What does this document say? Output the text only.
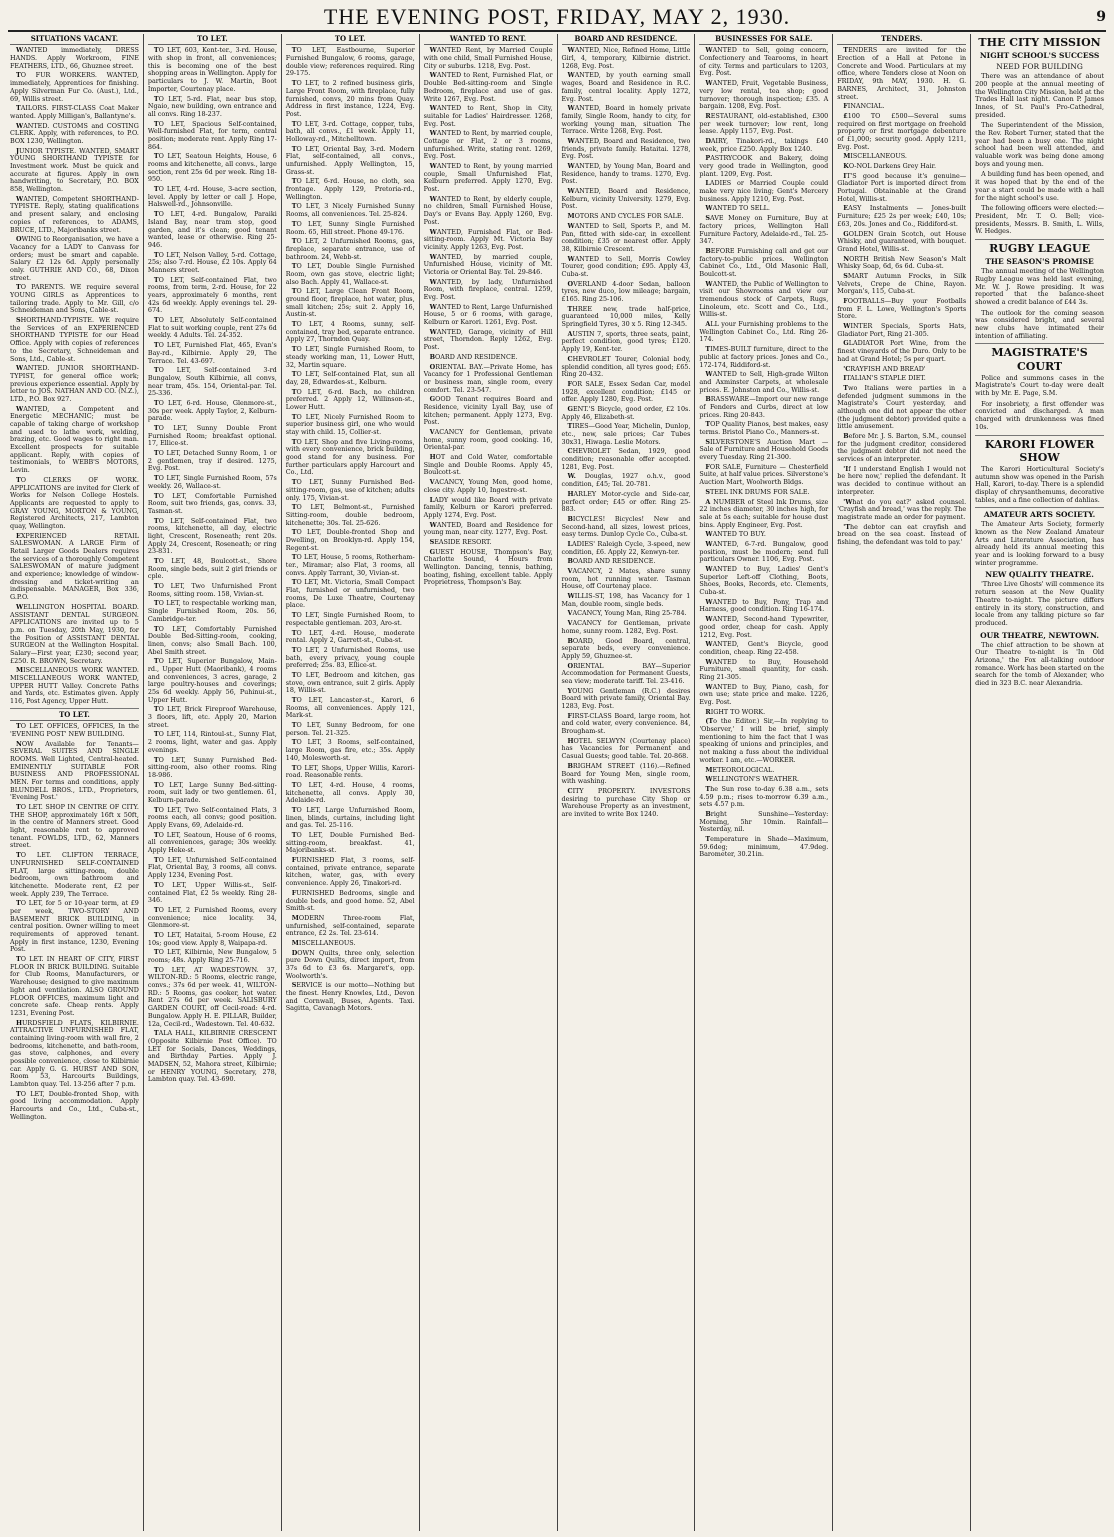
THE EVENING POST, FRIDAY, MAY 2, 1930.	9
SITUATIONS VACANT.

WANTED immediately, DRESS HANDS. Apply Workroom, FINE FEATHERS, LTD., 66, Ghuznee street.

TO FUR WORKERS. WANTED, immediately, Apprentices for finishing. Apply Silverman Fur Co. (Aust.), Ltd., 69, Willis street.

TAILORS. FIRST-CLASS Coat Maker wanted. Apply Milligan's, Ballantyne's.

WANTED. CUSTOMS and COSTING CLERK. Apply, with references, to P.O. BOX 1230, Wellington.

JUNIOR TYPISTE. WANTED, SMART YOUNG SHORTHAND TYPISTE for Investment work. Must be quick and accurate at figures. Apply in own handwriting, to Secretary, P.O. BOX 858, Wellington.

WANTED, Competent SHORTHAND-TYPISTE. Reply, stating qualifications and present salary, and enclosing copies of references, to ADAMS, BRUCE, LTD., Majoribanks street.

OWING to Reorganisation, we have a Vacancy for a LADY to Canvass for orders; must be smart and capable. Salary £2 12s 6d. Apply personally only. GUTHRIE AND CO., 68, Dixon street.

TO PARENTS. WE require several YOUNG GIRLS as Apprentices to tailoring trade. Apply to Mr. Gill, c/o Schneideman and Sons, Cable-st.

SHORTHAND-TYPISTE. WE require the Services of an EXPERIENCED SHORTHAND TYPISTE for our Head Office. Apply with copies of references to the Secretary, Schneideman and Sons, Ltd., Cable-st.

WANTED. JUNIOR SHORTHAND-TYPIST, for general office work; previous experience essential. Apply by letter to JOS. NATHAN AND CO. (N.Z.), LTD., P.O. Box 927.

WANTED, a Competent and Energetic MECHANIC; must be capable of taking charge of workshop and used to lathe work, welding, brazing, etc. Good wages to right man. Excellent prospects for suitable applicant. Reply, with copies of testimonials, to WEBB'S MOTORS, Levin.

TO CLERKS OF WORK. APPLICATIONS are invited for Clerk of Works for Nelson College Hostels. Applicants are requested to apply to GRAY YOUNG, MORTON & YOUNG, Registered Architects, 217, Lambton quay, Wellington.

EXPERIENCED RETAIL SALESWOMAN. A LARGE Firm of Retail Larger Goods Dealers requires the services of a thoroughly Competent SALESWOMAN of mature judgment and experience; knowledge of window-dressing and ticket-writing an indispensable. MANAGER, Box 336, G.P.O.

WELLINGTON HOSPITAL BOARD. ASSISTANT DENTAL SURGEON. APPLICATIONS are invited up to 5 p.m. on Tuesday, 20th May, 1930, for the Position of ASSISTANT DENTAL SURGEON at the Wellington Hospital. Salary—First year, £230; second year, £250. R. BROWN, Secretary.

MISCELLANEOUS WORK WANTED. MISCELLANEOUS WORK WANTED, UPPER HUTT Valley. Concrete Paths and Yards, etc. Estimates given. Apply 116, Post Agency, Upper Hutt.

TO LET.

TO LET. OFFICES, OFFICES, In the 'EVENING POST' NEW BUILDING.

NOW Available for Tenants— SEVERAL SUITES AND SINGLE ROOMS. Well Lighted, Central-heated. EMINENTLY SUITABLE FOR BUSINESS AND PROFESSIONAL MEN. For terms and conditions, apply BLUNDELL BROS., LTD., Proprietors, 'Evening Post.'

TO LET. SHOP IN CENTRE OF CITY. THE SHOP, approximately 16ft x 50ft, in the centre of Manners street. Good light, reasonable rent to approved tenant. FOWLDS, LTD., 62, Manners street.

TO LET. CLIFTON TERRACE, UNFURNISHED SELF-CONTAINED FLAT, large sitting-room, double bedroom, own bathroom and kitchenette. Moderate rent, £2 per week. Apply 239, The Terrace.

TO LET, for 5 or 10-year term, at £9 per week, TWO-STORY AND BASEMENT BRICK BUILDING, in central position. Owner willing to meet requirements of approved tenant. Apply in first instance, 1230, Evening Post.

TO LET. IN HEART OF CITY, FIRST FLOOR IN BRICK BUILDING. Suitable for Club Rooms, Manufacturers, or Warehouse; designed to give maximum light and ventilation. ALSO GROUND FLOOR OFFICES, maximum light and concrete safe. Cheap rents. Apply 1231, Evening Post.

HURDSFIELD FLATS, KILBIRNIE. ATTRACTIVE UNFURNISHED FLAT, containing living-room with wall fire, 2 bedrooms, kitchenette, and bath-room, gas stove, calphones, and every possible convenience, close to Kilbirnie car. Apply G. G. HURST AND SON, Room 53, Harcourts Buildings, Lambton quay. Tel. 13-256 after 7 p.m.

TO LET, Double-fronted Shop, with good living accommodation. Apply Harcourts and Co., Ltd., Cuba-st., Wellington.

TO LET.

TO LET, 603, Kent-ter., 3-rd. House, with shop in front, all conveniences; this is becoming one of the best shopping areas in Wellington. Apply for particulars to J. W. Martin, Boot Importer, Courtenay place.

TO LET, 5-rd. Flat, near bus stop, Ngaio, new building, own entrance and all convs. Ring 18-237.

TO LET, Spacious Self-contained, Well-furnished Flat, for term, central position; moderate rent. Apply Ring 17-864.

TO LET, Seatoun Heights, House, 6 rooms and kitchenette, all convs., large section, rent 25s 6d per week. Ring 18-950.

TO LET, 4-rd. House, 3-acre section, level. Apply by letter or call J. Hope, Halswell-rd., Johnsonville.

TO LET, 4-rd. Bungalow, Paraiki Island Bay, near tram stop, good garden, and it's clean; good tenant wanted, lease or otherwise. Ring 25-946.

TO LET, Nelson Valley, 5-rd. Cottage, 25s; also 7-rd. House, £2 10s. Apply 64 Manners street.

TO LET, Self-contained Flat, two rooms, from term, 2-rd. House, for 22 years, approximately 6 months, rent 42s 6d weekly. Apply evenings tel. 29-674.

TO LET, Absolutely Self-contained Flat to suit working couple, rent 27s 6d weekly. 4 Adults. Tel. 24-352.

TO LET, Furnished Flat, 465, Evan's Bay-rd., Kilbirnie. Apply 29, The Terrace. Tel. 43-697.

TO LET, Self-contained 3-rd Bungalow, South Kilbirnie, all convs, near tram, 45s. 154, Oriental-par. Tel. 25-336.

TO LET, 6-rd. House, Glenmore-st., 30s per week. Apply Taylor, 2, Kelburn-parade.

TO LET, Sunny Double Front Furnished Room; breakfast optional. 17, Ellice-st.

TO LET, Detached Sunny Room, 1 or 2 gentlemen, tray if desired. 1275, Evg. Post.

TO LET, Single Furnished Room, 57s weekly. 26, Wallace-st.

TO LET, Comfortable Furnished Room, suit two friends, gas, convs. 33, Tasman-st.

TO LET, Self-contained Flat, two rooms, kitchenette, all day, electric light, Crescent, Roseneath; rent 20s. Apply 24, Crescent, Roseneath; or ring 23-831.

TO LET, 48, Boulcott-st., Shore Room, single beds, suit 2 girl friends or cple.

TO LET, Two Unfurnished Front Rooms, sitting room. 158, Vivian-st.

TO LET, to respectable working man, Single Furnished Room, 20s. 56, Cambridge-ter.

TO LET, Comfortably Furnished Double Bed-Sitting-room, cooking, linen, convs; also Small Bach. 100, Abel Smith street.

TO LET, Superior Bungalow, Main-rd., Upper Hutt (Maoribank), 4 rooms and conveniences, 3 acres, garage, 2 large poultry-houses and coverings; 25s 6d weekly. Apply 56, Puhinui-st., Upper Hutt.

TO LET, Brick Fireproof Warehouse, 3 floors, lift, etc. Apply 20, Marion street.

TO LET, 114, Rintoul-st., Sunny Flat, 2 rooms, light, water and gas. Apply evenings.

TO LET, Sunny Furnished Bed-sitting-room, also other rooms. Ring 18-986.

TO LET, Large Sunny Bed-sitting-room, suit lady or two gentlemen. 61, Kelburn-parade.

TO LET, Two Self-contained Flats, 3 rooms each, all convs; good position. Apply Evans, 69, Adelaide-rd.

TO LET, Seatoun, House of 6 rooms, all conveniences, garage; 30s weekly. Apply Heke-st.

TO LET, Unfurnished Self-contained Flat, Oriental Bay, 3 rooms, all convs. Apply 1234, Evening Post.

TO LET, Upper Willis-st., Self-contained Flat, £2 5s weekly. Ring 28-346.

TO LET, 2 Furnished Rooms, every convenience; nice locality. 34, Glenmore-st.

TO LET, Hataitai, 5-room House, £2 10s; good view. Apply 8, Waipapa-rd.

TO LET, Kilbirnie, New Bungalow, 5 rooms; 48s. Apply Ring 25-716.

TO LET, AT WADESTOWN. 37, WILTON-RD.: 5 Rooms, electric range, convs.; 37s 6d per week. 41, WILTON-RD.: 5 Rooms, gas cooker, hot water. Rent 27s 6d per week. SALISBURY GARDEN COURT, off Cecil-road: 4-rd. Bungalow. Apply H. E. PILLAR, Builder, 12a, Cecil-rd., Wadestown. Tel. 40-632.

TALA HALL, KILBIRNIE CRESCENT (Opposite Kilbirnie Post Office). TO LET for Socials, Dances, Weddings, and Birthday Parties. Apply J. MADSEN, 52, Mahora street, Kilbirnie; or HENRY YOUNG, Secretary, 278, Lambton quay. Tel. 43-690.

TO LET.

TO LET, Eastbourne, Superior Furnished Bungalow, 6 rooms, garage, double view; references required. Ring 29-175.

TO LET, to 2 refined business girls, Large Front Room, with fireplace, fully furnished, convs, 20 mins from Quay. Address in first instance, 1224, Evg. Post.

TO LET, 3-rd. Cottage, copper, tubs, bath, all convs., £1 week. Apply 11, Holloway-rd., Mitchelltown.

TO LET, Oriental Bay, 3-rd. Modern Flat, self-contained, all convs., unfurnished. Apply Wellington, 15, Grass-st.

TO LET, 6-rd. House, no cloth, sea frontage. Apply 129, Pretoria-rd., Wellington.

TO LET, 3 Nicely Furnished Sunny Rooms, all conveniences. Tel. 25-824.

TO LET, Sunny Single Furnished Room. 65, Hill street. Phone 49-176.

TO LET, 2 Unfurnished Rooms, gas, fireplace, separate entrance, use of bathroom. 24, Webb-st.

TO LET, Double Single Furnished Room, own gas stove, electric light; also Bach. Apply 41, Wallace-st.

TO LET, Large Clean Front Room, ground floor, fireplace, hot water, plus, small kitchen; 25s; suit 2. Apply 16, Austin-st.

TO LET, 4 Rooms, sunny, self-contained, tray bed, separate entrance. Apply 27, Thorndon Quay.

TO LET, Single Furnished Room, to steady working man, 11, Lower Hutt, 32, Martin square.

TO LET, Self-contained Flat, sun all day, 28, Edwardes-st., Kelburn.

TO LET, 6-rd. Bach, no children preferred. 2 Apply 12, Willinson-st., Lower Hutt.

TO LET, Nicely Furnished Room to superior business girl, one who would stay with child. 15, Collier-st.

TO LET, Shop and five Living-rooms, with every convenience, brick building, good stand for any business. For further particulars apply Harcourt and Co., Ltd.

TO LET, Sunny Furnished Bed-sitting-room, gas, use of kitchen; adults only. 175, Vivian-st.

TO LET, Belmont-st., Furnished Sitting-room, double bedroom, kitchenette; 30s. Tel. 25-626.

TO LET, Double-fronted Shop and Dwelling, on Brooklyn-rd. Apply 154, Regent-st.

TO LET, House, 5 rooms, Rotherham-ter., Miramar; also Flat, 3 rooms, all convs. Apply Tarrant, 30, Vivian-st.

TO LET, Mt. Victoria, Small Compact Flat, furnished or unfurnished, two rooms, De Luxe Theatre, Courtenay place.

TO LET, Single Furnished Room, to respectable gentleman. 203, Aro-st.

TO LET, 4-rd. House, moderate rental. Apply 2, Garrett-st., Cuba-st.

TO LET, 2 Unfurnished Rooms, use bath, every privacy, young couple preferred; 25s. 83, Ellice-st.

TO LET, Bedroom and kitchen, gas stove, own entrance, suit 2 girls. Apply 18, Willis-st.

TO LET, Lancaster-st., Karori, 6 Rooms, all conveniences. Apply 121, Mark-st.

TO LET, Sunny Bedroom, for one person. Tel. 21-325.

TO LET, 3 Rooms, self-contained, large Room, gas fire, etc.; 35s. Apply 140, Molesworth-st.

TO LET, Shops, Upper Willis, Karori-road. Reasonable rents.

TO LET, 4-rd. House, 4 rooms, kitchenette, all convs. Apply 30, Adelaide-rd.

TO LET, Large Unfurnished Room, linen, blinds, curtains, including light and gas. Tel. 25-116.

TO LET, Double Furnished Bed-sitting-room, breakfast. 41, Majoribanks-st.

FURNISHED Flat, 3 rooms, self-contained, private entrance, separate kitchen, water, gas, with every convenience. Apply 26, Tinakori-rd.

FURNISHED Bedrooms, single and double beds, and good home. 52, Abel Smith-st.

MODERN Three-room Flat, unfurnished, self-contained, separate entrance, £2 2s. Tel. 23-614.

MISCELLANEOUS.

DOWN Quilts, three only, selection pure Down Quilts, direct import, from 37s 6d to £3 6s. Margaret's, opp. Woolworth's.

SERVICE is our motto—Nothing but the finest. Henry Knowles, Ltd., Devon and Cornwall, Buses, Agents. Taxi. Sagitta, Cavanagh Motors.

WANTED TO RENT.

WANTED Rent, by Married Couple with one child, Small Furnished House, City or suburbs. 1218, Evg. Post.

WANTED to Rent, Furnished Flat, or Double Bed-sitting-room and Single Bedroom, fireplace and use of gas. Write 1267, Evg. Post.

WANTED to Rent, Shop in City, suitable for Ladies' Hairdresser. 1268, Evg. Post.

WANTED to Rent, by married couple, Cottage or Flat, 2 or 3 rooms, unfurnished. Write, stating rent. 1269, Evg. Post.

WANTED to Rent, by young married couple, Small Unfurnished Flat, Kelburn preferred. Apply 1270, Evg. Post.

WANTED to Rent, by elderly couple, no children, Small Furnished House, Day's or Evans Bay. Apply 1260, Evg. Post.

WANTED, Furnished Flat, or Bed-sitting-room. Apply Mt. Victoria Bay vicinity. Apply 1263, Evg. Post.

WANTED, by married couple, Unfurnished House, vicinity of Mt. Victoria or Oriental Bay. Tel. 29-846.

WANTED, by lady, Unfurnished Room, with fireplace, central. 1259, Evg. Post.

WANTED to Rent, Large Unfurnished House, 5 or 6 rooms, with garage, Kelburn or Karori. 1261, Evg. Post.

WANTED, Garage, vicinity of Hill street, Thorndon. Reply 1262, Evg. Post.

BOARD AND RESIDENCE.

ORIENTAL BAY.—Private Home, has Vacancy for 1 Professional Gentleman or business man, single room, every comfort. Tel. 23-547.

GOOD Tenant requires Board and Residence, vicinity Lyall Bay, use of kitchen; permanent. Apply 1273, Evg. Post.

VACANCY for Gentleman, private home, sunny room, good cooking. 16, Oriental-par.

HOT and Cold Water, comfortable Single and Double Rooms. Apply 45, Boulcott-st.

VACANCY, Young Men, good home, close city. Apply 10, Ingestre-st.

LADY would like Board with private family, Kelburn or Karori preferred. Apply 1274, Evg. Post.

WANTED, Board and Residence for young man, near city. 1277, Evg. Post.

SEASIDE RESORT.

GUEST HOUSE, Thompson's Bay, Charlotte Sound, 4 Hours from Wellington. Dancing, tennis, bathing, boating, fishing, excellent table. Apply Proprietress, Thompson's Bay.

BOARD AND RESIDENCE.

WANTED, Nice, Refined Home, Little Girl, 4, temporary, Kilbirnie district. 1268, Evg. Post.

WANTED, by youth earning small wages, Board and Residence in R.C. family, central locality. Apply 1272, Evg. Post.

WANTED, Board in homely private family, Single Room, handy to city, for working young man, situation The Terrace. Write 1268, Evg. Post.

WANTED, Board and Residence, two friends, private family. Hataitai. 1278, Evg. Post.

WANTED, by Young Man, Board and Residence, handy to trams. 1270, Evg. Post.

WANTED, Board and Residence, Kelburn, vicinity University. 1279, Evg. Post.

MOTORS AND CYCLES FOR SALE.

WANTED to Sell, Sports P., and M. Pan, fitted with side-car, in excellent condition; £35 or nearest offer. Apply 38, Kilbirnie Crescent.

WANTED to Sell, Morris Cowley Tourer, good condition; £95. Apply 43, Cuba-st.

OVERLAND 4-door Sedan, balloon tyres, new duco, low mileage; bargain, £165. Ring 25-106.

THREE new, trade half-price, guaranteed 10,000 miles, Kelly Springfield Tyres, 30 x 5. Ring 12-345.

AUSTIN 7, sports, three seats, paint, perfect condition, good tyres; £120. Apply 19, Kent-ter.

CHEVROLET Tourer, Colonial body, splendid condition, all tyres good; £65. Ring 20-432.

FOR SALE, Essex Sedan Car, model 1928, excellent condition; £145 or offer. Apply 1280, Evg. Post.

GENT.'S Bicycle, good order, £2 10s. Apply 46, Elizabeth-st.

TIRES—Good Year, Michelin, Dunlop, etc., new, sale prices; Car Tubes 30x31, Hiwaga. Leslie Motors.

CHEVROLET Sedan, 1929, good condition; reasonable offer accepted. 1281, Evg. Post.

W. Douglas, 1927 o.h.v., good condition, £45; Tel. 20-781.

HARLEY Motor-cycle and Side-car, perfect order; £45 or offer. Ring 25-883.

BICYCLES! Bicycles! New and Second-hand, all sizes, lowest prices, easy terms. Dunlop Cycle Co., Cuba-st.

LADIES' Raleigh Cycle, 3-speed, new condition, £6. Apply 22, Kenwyn-ter.

BOARD AND RESIDENCE.

VACANCY, 2 Mates, share sunny room, hot running water. Tasman House, off Courtenay place.

WILLIS-ST, 198, has Vacancy for 1 Man, double room, single beds.

VACANCY, Young Man, Ring 25-784.

VACANCY for Gentleman, private home, sunny room. 1282, Evg. Post.

BOARD, Good Board, central, separate beds, every convenience. Apply 59, Ghuznee-st.

ORIENTAL BAY—Superior Accommodation for Permanent Guests, sea view; moderate tariff. Tel. 23-416.

YOUNG Gentleman (R.C.) desires Board with private family, Oriental Bay. 1283, Evg. Post.

FIRST-CLASS Board, large room, hot and cold water, every convenience. 84, Brougham-st.

HOTEL SELWYN (Courtenay place) has Vacancies for Permanent and Casual Guests; good table. Tel. 20-868.

BRIGHAM STREET (116).—Refined Board for Young Men, single room, with washing.

CITY PROPERTY. INVESTORS desiring to purchase City Shop or Warehouse Property as an investment, are invited to write Box 1240.

BUSINESSES FOR SALE.

WANTED to Sell, going concern, Confectionery and Tearooms, in heart of city. Terms and particulars to 1203, Evg. Post.

WANTED, Fruit, Vegetable Business, very low rental, tea shop; good turnover; thorough inspection; £35. A bargain. 1208, Evg. Post.

RESTAURANT, old-established, £300 per week turnover; low rent, long lease. Apply 1157, Evg. Post.

DAIRY, Tinakori-rd., takings £40 week, price £250. Apply Box 1240.

PASTRYCOOK and Bakery, doing very good trade in Wellington, good plant. 1209, Evg. Post.

LADIES or Married Couple could make very nice living; Gent's Mercery business. Apply 1210, Evg. Post.

WANTED TO SELL.

SAVE Money on Furniture, Buy at factory prices, Wellington Hall Furniture Factory, Adelaide-rd., Tel. 25-347.

BEFORE Furnishing call and get our factory-to-public prices. Wellington Cabinet Co., Ltd., Old Masonic Hall, Boulcott-st.

WANTED, the Public of Wellington to visit our Showrooms and view our tremendous stock of Carpets, Rugs, Linoleum, etc. Scott and Co., Ltd., Willis-st.

ALL your Furnishing problems to the Wellington Cabinet Co., Ltd. Ring 26-174.

TIMES-BUILT furniture, direct to the public at factory prices. Jones and Co., 172-174, Riddiford-st.

WANTED to Sell, High-grade Wilton and Axminster Carpets, at wholesale prices. E. Johnston and Co., Willis-st.

BRASSWARE—Import our new range of Fenders and Curbs, direct at low prices. Ring 20-843.

TOP Quality Pianos, best makes, easy terms. Bristol Piano Co., Manners-st.

SILVERSTONE'S Auction Mart — Sale of Furniture and Household Goods every Tuesday. Ring 21-300.

FOR SALE, Furniture — Chesterfield Suite, at half value prices. Silverstone's Auction Mart, Woolworth Bldgs.

STEEL INK DRUMS FOR SALE.

A NUMBER of Steel Ink Drums, size 22 inches diameter, 30 inches high, for sale at 5s each; suitable for house dust bins. Apply Engineer, Evg. Post.

WANTED TO BUY.

WANTED, 6-7-rd. Bungalow, good position, must be modern; send full particulars Owner. 1106, Evg. Post.

WANTED to Buy, Ladies' Gent's Superior Left-off Clothing, Boots, Shoes, Books, Records, etc. Clements, Cuba-st.

WANTED to Buy, Pony, Trap and Harness, good condition. Ring 16-174.

WANTED, Second-hand Typewriter, good order, cheap for cash. Apply 1212, Evg. Post.

WANTED, Gent's Bicycle, good condition, cheap. Ring 22-458.

WANTED to Buy, Household Furniture, small quantity, for cash. Ring 21-305.

WANTED to Buy, Piano, cash, for own use; state price and make. 1226, Evg. Post.

RIGHT TO WORK.

(To the Editor.) Sir,—In replying to 'Observer,' I will be brief, simply mentioning to him the fact that I was speaking of unions and principles, and not making a fuss about the individual worker. I am, etc.—WORKER.

METEOROLOGICAL.

WELLINGTON'S WEATHER.

The Sun rose to-day 6.38 a.m., sets 4.59 p.m.; rises to-morrow 6.39 a.m., sets 4.57 p.m.

Bright Sunshine—Yesterday: Morning, 5hr 10min. Rainfall—Yesterday, nil.

Temperature in Shade—Maximum, 59.6deg; minimum, 47.9deg. Barometer, 30.21in.

TENDERS.

TENDERS are invited for the Erection of a Hall at Petone in Concrete and Wood. Particulars at my office, where Tenders close at Noon on FRIDAY, 9th MAY, 1930. H. G. BARNES, Architect, 31, Johnston street.

FINANCIAL.

£100 TO £500—Several sums required on first mortgage on freehold property or first mortgage debenture of £1,000; security good. Apply 1211, Evg. Post.

MISCELLANEOUS.

KO-NOL Darkens Grey Hair.

IT'S good because it's genuine—Gladiator Port is imported direct from Portugal. Obtainable at the Grand Hotel, Willis-st.

EASY Instalments — Jones-built Furniture; £25 2s per week; £40, 10s; £63, 20s. Jones and Co., Riddiford-st.

GOLDEN Grain Scotch, out House Whisky, and guaranteed, with bouquet. Grand Hotel, Willis-st.

NORTH British New Season's Malt Whisky Soap, 6d, 6s 6d. Cuba-st.

SMART Autumn Frocks, in Silk Velvets, Crepe de Chine, Rayon. Morgan's, 115, Cuba-st.

FOOTBALLS—Buy your Footballs from F. L. Lowe, Wellington's Sports Store.

WINTER Specials, Sports Hats, Gladiator Port, Ring 21-305.

GLADIATOR Port Wine, from the finest vineyards of the Duro. Only to be had at Grand Hotel; 5s per quart.

'CRAYFISH AND BREAD'

ITALIAN'S STAPLE DIET.

Two Italians were parties in a defended judgment summons in the Magistrate's Court yesterday, and although one did not appear the other (the judgment debtor) provided quite a little amusement.

Before Mr. J. S. Barton, S.M., counsel for the judgment creditor, considered the judgment debtor did not need the services of an interpreter.

'If I understand English I would not be here now,' replied the defendant. It was decided to continue without an interpreter.

'What do you eat?' asked counsel. 'Crayfish and bread,' was the reply. The magistrate made an order for payment.

'The debtor can eat crayfish and bread on the sea coast. Instead of fishing, the defendant was told to pay.'

THE CITY MISSION
NIGHT SCHOOL'S SUCCESS
NEED FOR BUILDING

There was an attendance of about 200 people at the annual meeting of the Wellington City Mission, held at the Trades Hall last night. Canon P. James Innes, of St. Paul's Pro-Cathedral, presided.

The Superintendent of the Mission, the Rev. Robert Turner, stated that the year had been a busy one. The night school had been well attended, and valuable work was being done among boys and young men.

A building fund has been opened, and it was hoped that by the end of the year a start could be made with a hall for the night school's use.

The following officers were elected:—President, Mr. T. O. Bell; vice-presidents, Messrs. B. Smith, L. Wills, W. Hedges.

RUGBY LEAGUE
THE SEASON'S PROMISE

The annual meeting of the Wellington Rugby League was held last evening, Mr. W. J. Rowe presiding. It was reported that the balance-sheet showed a credit balance of £44 3s.

The outlook for the coming season was considered bright, and several new clubs have intimated their intention of affiliating.

MAGISTRATE'S COURT

Police and summons cases in the Magistrate's Court to-day were dealt with by Mr. E. Page, S.M.

For insobriety, a first offender was convicted and discharged. A man charged with drunkenness was fined 10s.

KARORI FLOWER SHOW

The Karori Horticultural Society's autumn show was opened in the Parish Hall, Karori, to-day. There is a splendid display of chrysanthemums, decorative tables, and a fine collection of dahlias.

AMATEUR ARTS SOCIETY.

The Amateur Arts Society, formerly known as the New Zealand Amateur Arts and Literature Association, has already held its annual meeting this year and is looking forward to a busy winter programme.

NEW QUALITY THEATRE.

'Three Live Ghosts' will commence its return season at the New Quality Theatre to-night. The picture differs entirely in its story, construction, and locale from any talking picture so far produced.

OUR THEATRE, NEWTOWN.

The chief attraction to be shown at Our Theatre to-night is 'In Old Arizona,' the Fox all-talking outdoor romance. Work has been started on the search for the tomb of Alexander, who died in 323 B.C. near Alexandria.
